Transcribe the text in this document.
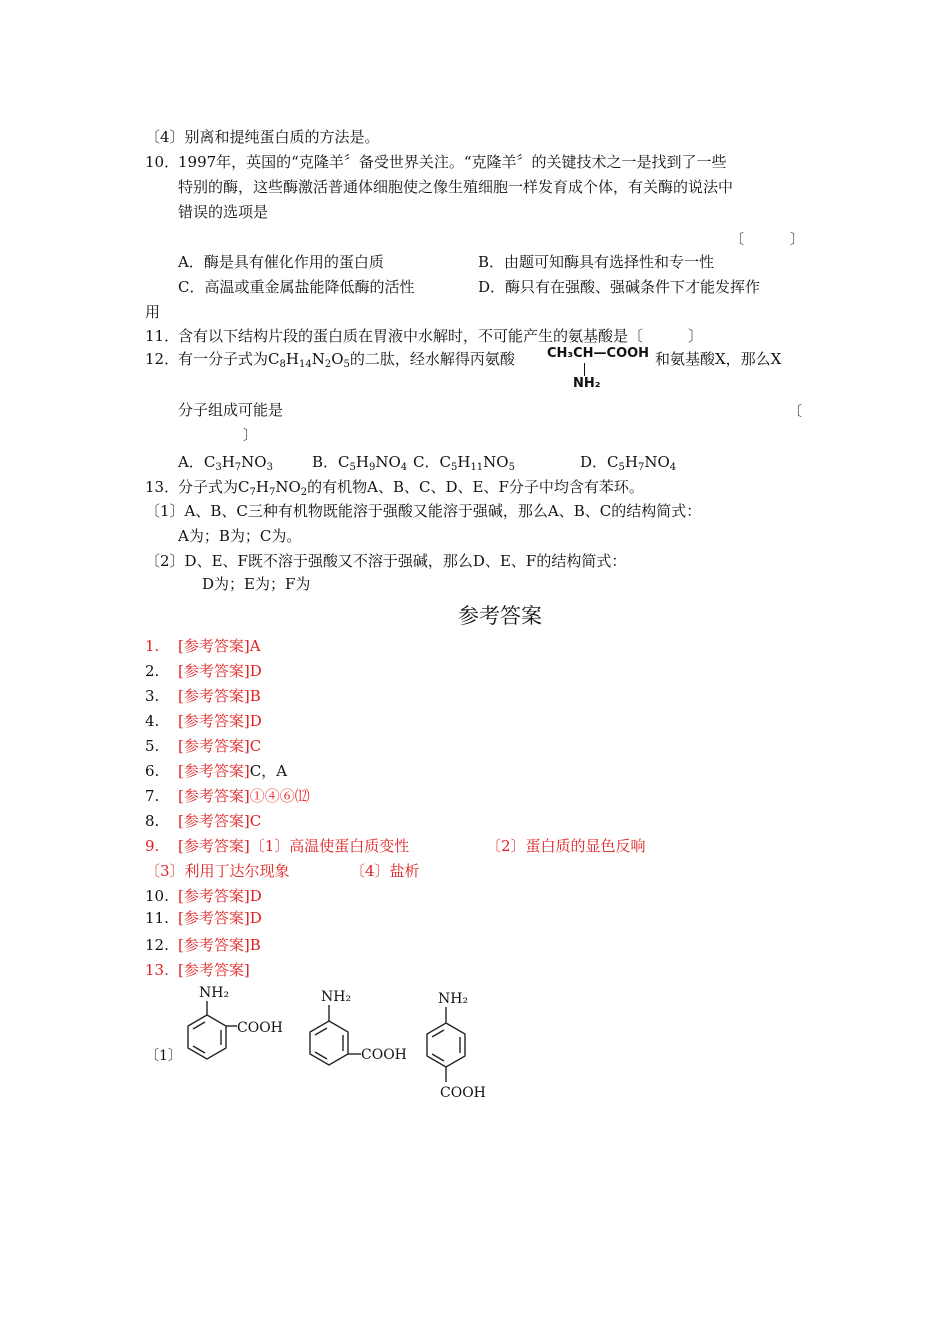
〔4〕别离和提纯蛋白质的方法是。
10．1997年，英国的“克隆羊〞备受世界关注。“克隆羊〞的关键技术之一是找到了一些
特别的酶，这些酶激活普通体细胞使之像生殖细胞一样发育成个体，有关酶的说法中
错误的选项是
〔	〕
A．酶是具有催化作用的蛋白质	B．由题可知酶具有选择性和专一性
C．高温或重金属盐能降低酶的活性	D．酶只有在强酸、强碱条件下才能发挥作
用
11．含有以下结构片段的蛋白质在胃液中水解时，不可能产生的氨基酸是〔　　　〕
12．有一分子式为$C_8H_{14}N_2O_5$的二肽，经水解得丙氨酸	和氨基酸X，那么X
CH₃CH—COOH
NH₂
分子组成可能是	〔
〕
A．$C_3H_7NO_3$	B．$C_5H_9NO_4$ C．$C_5H_{11}NO_5$	D．$C_5H_7NO_4$
13．分子式为$C_7H_7NO_2$的有机物A、B、C、D、E、F分子中均含有苯环。
〔1〕A、B、C三种有机物既能溶于强酸又能溶于强碱，那么A、B、C的结构简式：
A为；B为；C为。
〔2〕D、E、F既不溶于强酸又不溶于强碱，那么D、E、F的结构简式：
D为；E为；F为
参考答案
1. [参考答案]A
2. [参考答案]D
3. [参考答案]B
4. [参考答案]D
5. [参考答案]C
6. [参考答案]C，A
7. [参考答案]①④⑥⑿
8. [参考答案]C
9. [参考答案]〔1〕高温使蛋白质变性	〔2〕蛋白质的显色反响
〔3〕利用丁达尔现象	〔4〕盐析
10. [参考答案]D
11. [参考答案]D
12. [参考答案]B
13. [参考答案]
〔1〕
NH₂
COOH
NH₂
COOH
NH₂
COOH
